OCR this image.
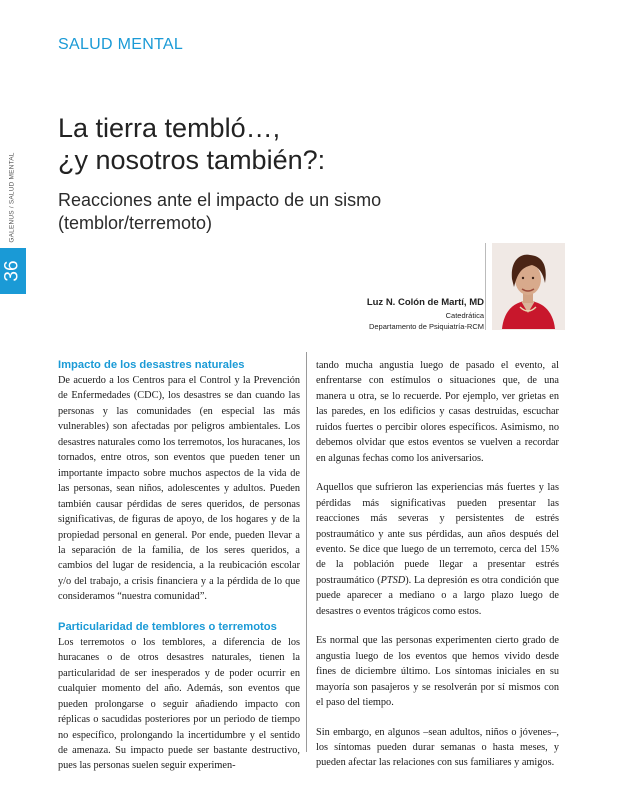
SALUD MENTAL
GALENUS / SALUD MENTAL
36
La tierra tembló…,
¿y nosotros también?:

Reacciones ante el impacto de un sismo
(temblor/terremoto)

Luz N. Colón de Martí, MD
Catedrática
Departamento de Psiquiatría-RCM
Impacto de los desastres naturales

De acuerdo a los Centros para el Control y la Prevención de Enfermedades (CDC), los desastres se dan cuando las personas y las comunidades (en especial las más vulnerables) son afectadas por peligros ambientales. Los desastres naturales como los terremotos, los huracanes, los tornados, entre otros, son eventos que pueden tener un importante impacto sobre muchos aspectos de la vida de las personas, sean niños, adolescentes y adultos. Pueden también causar pérdidas de seres queridos, de personas significativas, de figuras de apoyo, de los hogares y de la propiedad personal en general. Por ende, pueden llevar a la separación de la familia, de los seres queridos, a cambios del lugar de residencia, a la reubicación escolar y/o del trabajo, a crisis financiera y a la pérdida de lo que consideramos “nuestra comunidad”.

Particularidad de temblores o terremotos

Los terremotos o los temblores, a diferencia de los huracanes o de otros desastres naturales, tienen la particularidad de ser inesperados y de poder ocurrir en cualquier momento del año. Además, son eventos que pueden prolongarse o seguir añadiendo impacto con réplicas o sacudidas posteriores por un periodo de tiempo no específico, prolongando la incertidumbre y el sentido de amenaza. Su impacto puede ser bastante destructivo, pues las personas suelen seguir experimen-

tando mucha angustia luego de pasado el evento, al enfrentarse con estímulos o situaciones que, de una manera u otra, se lo recuerde. Por ejemplo, ver grietas en las paredes, en los edificios y casas destruidas, escuchar ruidos fuertes o percibir olores específicos. Asimismo, no debemos olvidar que estos eventos se vuelven a recordar en algunas fechas como los aniversarios.

Aquellos que sufrieron las experiencias más fuertes y las pérdidas más significativas pueden presentar las reacciones más severas y persistentes de estrés postraumático y ante sus pérdidas, aun años después del evento. Se dice que luego de un terremoto, cerca del 15% de la población puede llegar a presentar estrés postraumático (PTSD). La depresión es otra condición que puede aparecer a mediano o a largo plazo luego de desastres o eventos trágicos como estos.

Es normal que las personas experimenten cierto grado de angustia luego de los eventos que hemos vivido desde fines de diciembre último. Los síntomas iniciales en su mayoría son pasajeros y se resolverán por sí mismos con el paso del tiempo.

Sin embargo, en algunos –sean adultos, niños o jóvenes–, los síntomas pueden durar semanas o hasta meses, y pueden afectar las relaciones con sus familiares y amigos.
